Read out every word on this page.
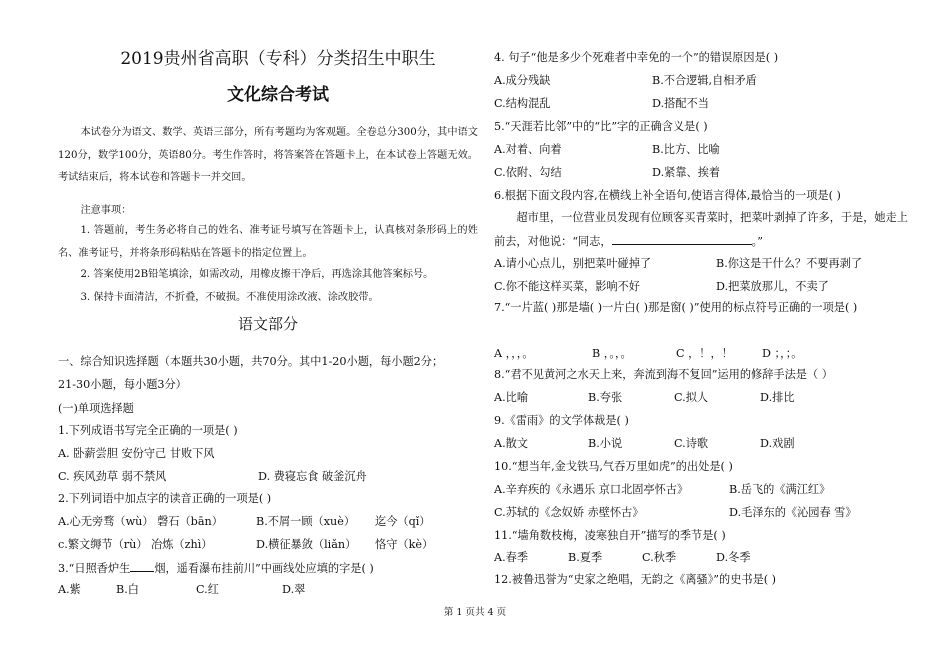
2019贵州省高职（专科）分类招生中职生
文化综合考试

本试卷分为语文、数学、英语三部分，所有考题均为客观题。全卷总分300分，其中语文120分，数学100分，英语80分。考生作答时，将答案答在答题卡上，在本试卷上答题无效。考试结束后，将本试卷和答题卡一并交回。

注意事项：

1. 答题前，考生务必将自己的姓名、准考证号填写在答题卡上，认真核对条形码上的姓名、准考证号，并将条形码粘贴在答题卡的指定位置上。

2. 答案使用2B铅笔填涂，如需改动，用橡皮擦干净后，再选涂其他答案标号。

3. 保持卡面清洁，不折叠，不破损。不准使用涂改液、涂改胶带。

语文部分
一、综合知识选择题（本题共30小题，共70分。其中1-20小题，每小题2分；
21-30小题，每小题3分）
(一)单项选择题
1.下列成语书写完全正确的一项是( )
A. 卧薪尝胆 安份守己 甘败下风
C. 疾风劲草 弱不禁风	D. 费寝忘食 破釜沉舟
2.下列词语中加点字的读音正确的一项是( )
A.心无旁骛（wù） 磬石（bān）	B.不屑一顾（xuè） 迄今（qǐ）
c.繁文缛节（rù） 冶炼（zhì）	D.横征暴敛（liǎn） 恪守（kè）
3.“日照香炉生 烟，遥看瀑布挂前川”中画线处应填的字是( )
A.紫	B.白	C.红	D.翠
4. 句子“他是多少个死难者中幸免的一个”的错误原因是( )
A.成分残缺	B.不合逻辑,自相矛盾
C.结构混乱	D.搭配不当
5.“天涯若比邻”中的“比”字的正确含义是( )
A.对着、向着	B.比方、比喻
C.依附、勾结	D.紧靠、挨着
6.根据下面文段内容,在横线上补全语句,使语言得体,最恰当的一项是( )
超市里，一位营业员发现有位顾客买青菜时，把菜叶剥掉了许多，于是，她走上前去，对他说：“同志，	。”
A.请小心点儿，别把菜叶碰掉了	B.你这是干什么？不要再剥了
C.你不能这样买菜，影响不好	D.把菜放那儿，不卖了
7.“一片蓝( )那是墙( )一片白( )那是窗( )”使用的标点符号正确的一项是( )
A ，，，。	B ，。，。	C ，！，！	D ；，；。
8.“君不见黄河之水天上来，奔流到海不复回”运用的修辞手法是（ ）
A.比喻	B.夸张	C.拟人	D.排比
9.《雷雨》的文学体裁是( )
A.散文	B.小说	C.诗歌	D.戏剧
10.“想当年,金戈铁马,气吞万里如虎”的出处是( )
A.辛弃疾的《永遇乐 京口北固亭怀古》	B.岳飞的《满江红》
C.苏轼的《念奴娇 赤壁怀古》	D.毛泽东的《沁园春 雪》
11.“墙角数枝梅，凌寒独自开”描写的季节是( )
A.春季	B.夏季	C.秋季	D.冬季
12.被鲁迅誉为“史家之绝唱，无韵之《离骚》”的史书是( )
第 1 页共 4 页
